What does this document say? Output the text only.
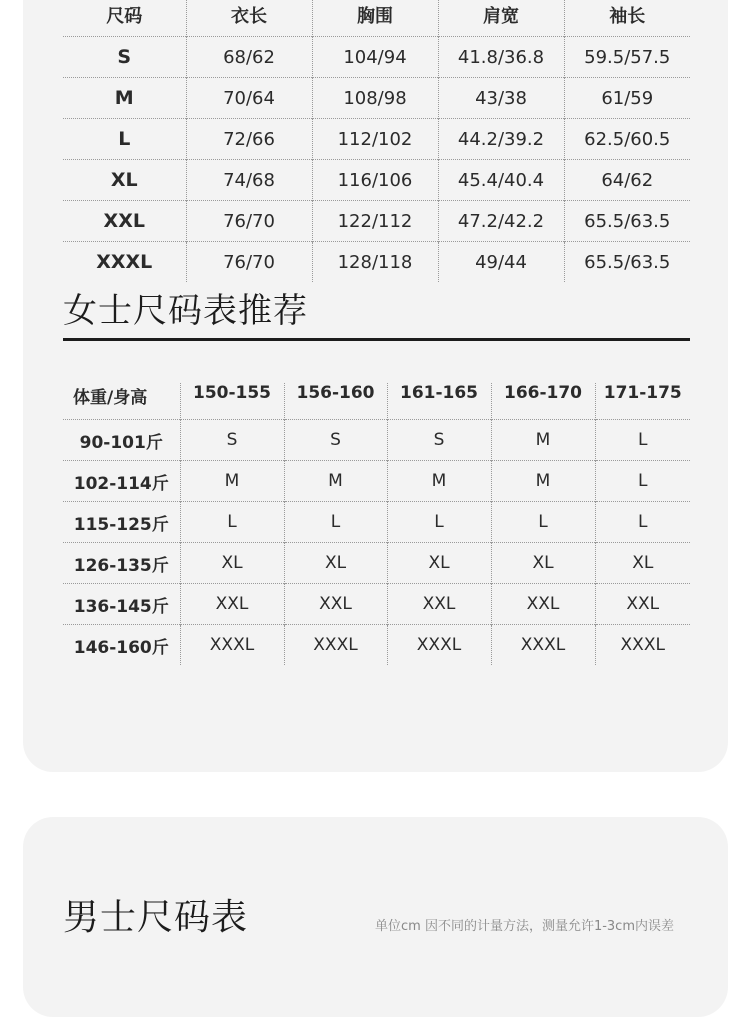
尺码	衣长	胸围	肩宽	袖长
S	68/62	104/94	41.8/36.8	59.5/57.5
M	70/64	108/98	43/38	61/59
L	72/66	112/102	44.2/39.2	62.5/60.5
XL	74/68	116/106	45.4/40.4	64/62
XXL	76/70	122/112	47.2/42.2	65.5/63.5
XXXL	76/70	128/118	49/44	65.5/63.5
女士尺码表推荐
体重/身高	150-155	156-160	161-165	166-170	171-175
90-101斤	S	S	S	M	L
102-114斤	M	M	M	M	L
115-125斤	L	L	L	L	L
126-135斤	XL	XL	XL	XL	XL
136-145斤	XXL	XXL	XXL	XXL	XXL
146-160斤	XXXL	XXXL	XXXL	XXXL	XXXL
男士尺码表	单位cm 因不同的计量方法，测量允许1-3cm内误差
